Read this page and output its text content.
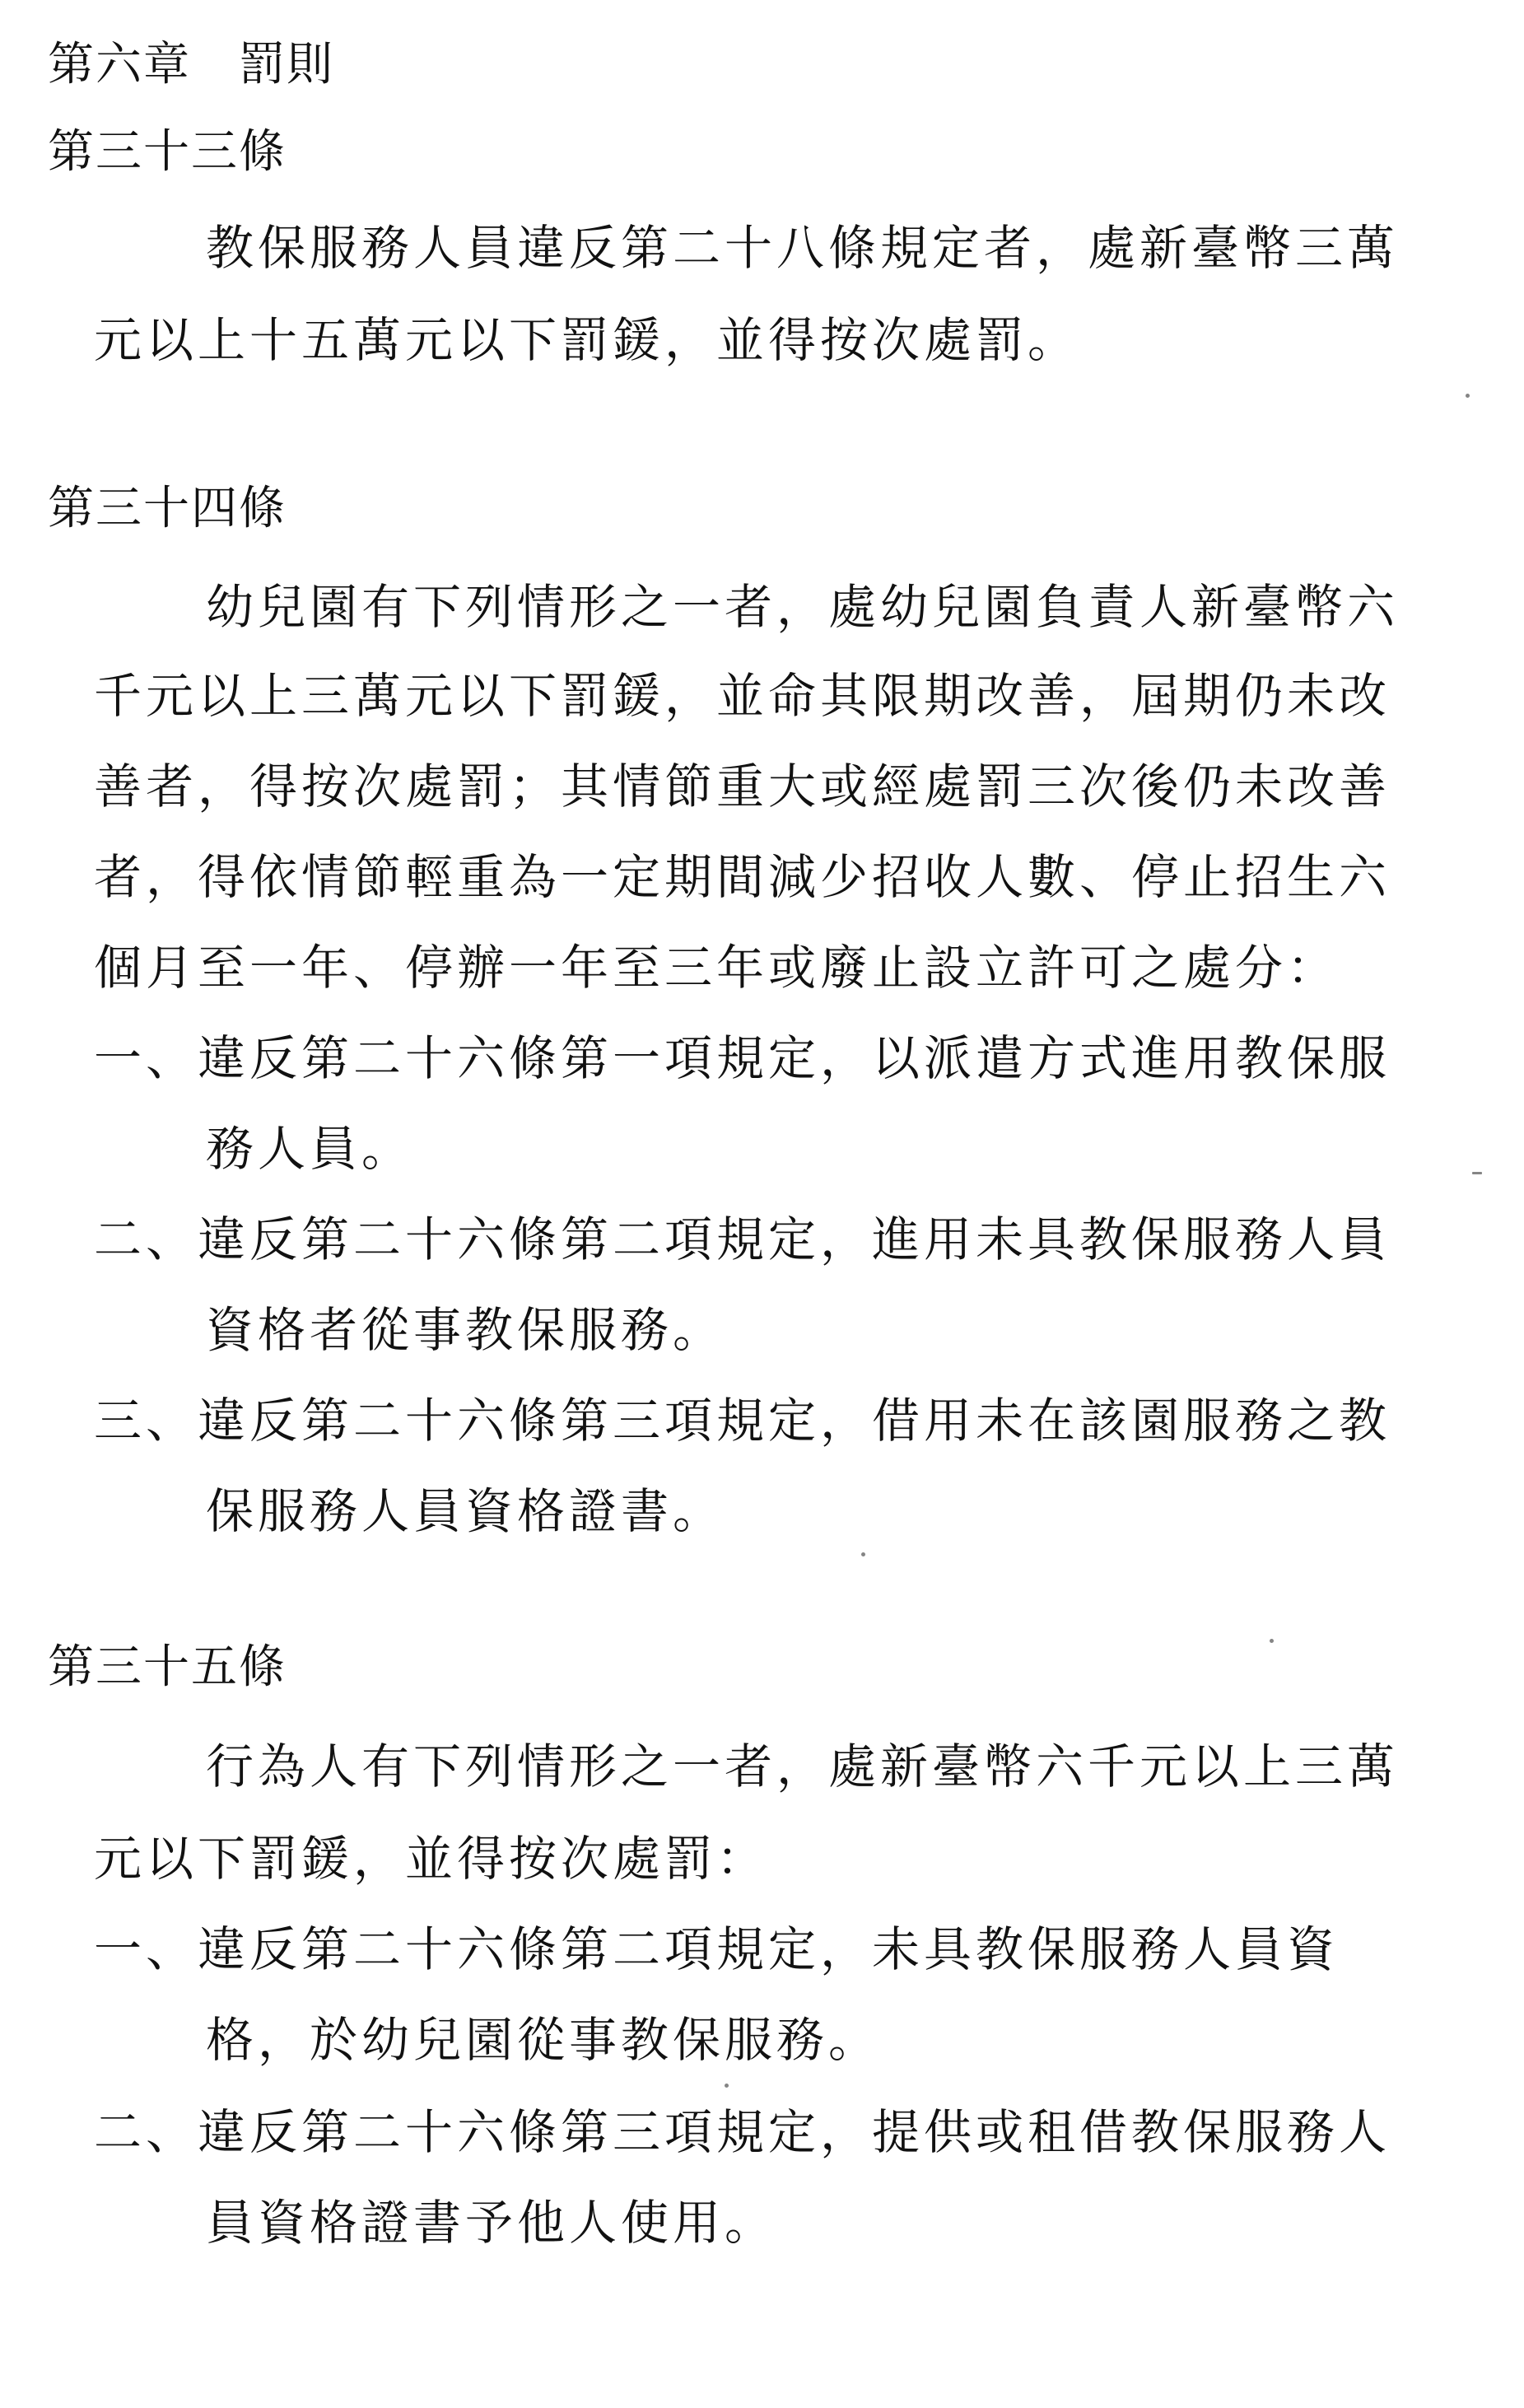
第六章　罰則
第三十三條
教保服務人員違反第二十八條規定者，處新臺幣三萬
元以上十五萬元以下罰鍰，並得按次處罰。
第三十四條
幼兒園有下列情形之一者，處幼兒園負責人新臺幣六
千元以上三萬元以下罰鍰，並命其限期改善，屆期仍未改
善者，得按次處罰；其情節重大或經處罰三次後仍未改善
者，得依情節輕重為一定期間減少招收人數、停止招生六
個月至一年、停辦一年至三年或廢止設立許可之處分：
一、違反第二十六條第一項規定，以派遣方式進用教保服
務人員。
二、違反第二十六條第二項規定，進用未具教保服務人員
資格者從事教保服務。
三、違反第二十六條第三項規定，借用未在該園服務之教
保服務人員資格證書。
第三十五條
行為人有下列情形之一者，處新臺幣六千元以上三萬
元以下罰鍰，並得按次處罰：
一、違反第二十六條第二項規定，未具教保服務人員資
格，於幼兒園從事教保服務。
二、違反第二十六條第三項規定，提供或租借教保服務人
員資格證書予他人使用。
